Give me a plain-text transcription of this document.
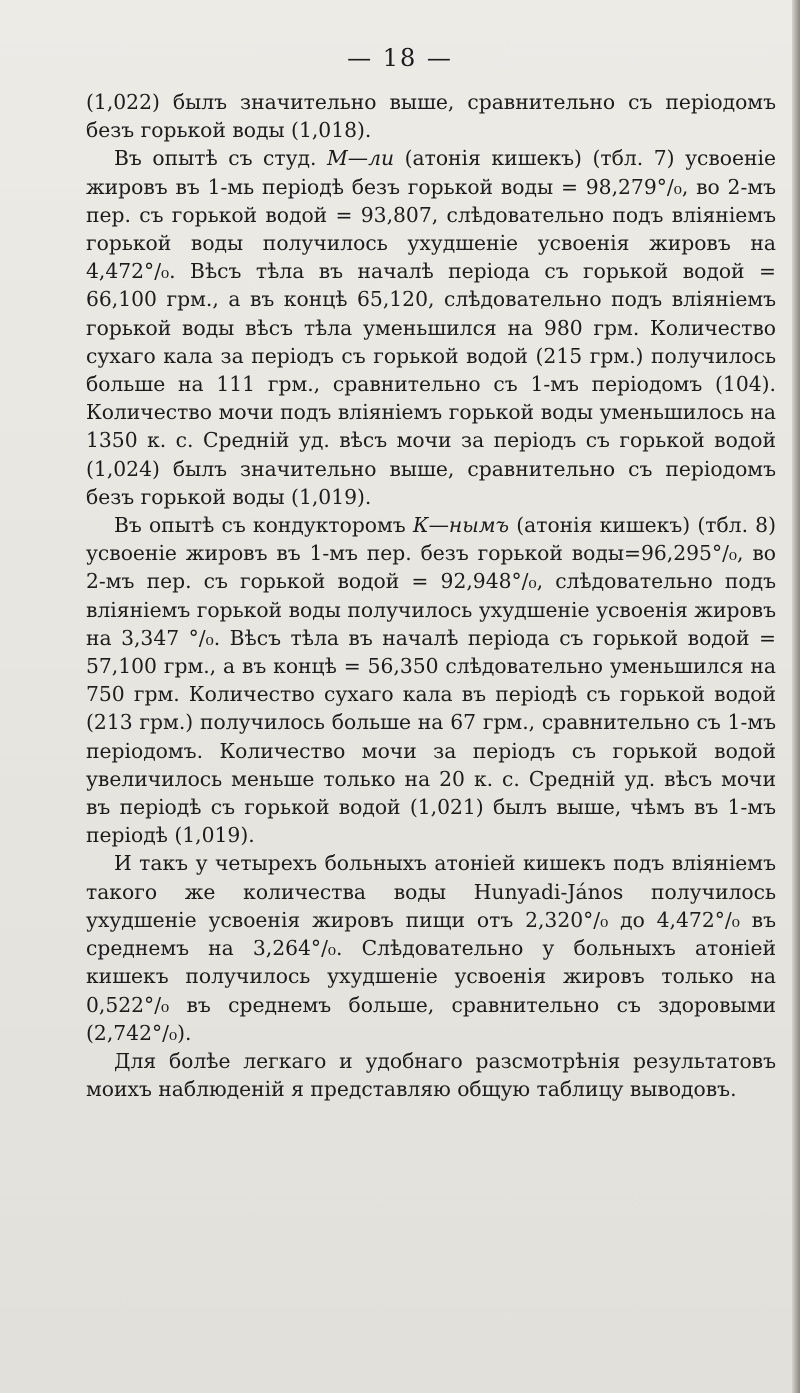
— 18 —

(1,022) былъ значительно выше, сравнительно съ періодомъ безъ горькой воды (1,018).

Въ опытѣ съ студ. М—ли (атонія кишекъ) (тбл. 7) усвоеніе жировъ въ 1-мь періодѣ безъ горькой воды = 98,279°/₀, во 2-мъ пер. съ горькой водой = 93,807, слѣдовательно подъ вліяніемъ горькой воды получилось ухудшеніе усвоенія жировъ на 4,472°/₀. Вѣсъ тѣла въ началѣ періода съ горькой водой = 66,100 грм., а въ концѣ 65,120, слѣдовательно подъ вліяніемъ горькой воды вѣсъ тѣла уменьшился на 980 грм. Количество сухаго кала за періодъ съ горькой водой (215 грм.) получилось больше на 111 грм., сравнительно съ 1-мъ періодомъ (104). Количество мочи подъ вліяніемъ горькой воды уменьшилось на 1350 к. с. Средній уд. вѣсъ мочи за періодъ съ горькой водой (1,024) былъ значительно выше, сравнительно съ періодомъ безъ горькой воды (1,019).

Въ опытѣ съ кондукторомъ К—нымъ (атонія кишекъ) (тбл. 8) усвоеніе жировъ въ 1-мъ пер. безъ горькой воды=96,295°/₀, во 2-мъ пер. съ горькой водой = 92,948°/₀, слѣдовательно подъ вліяніемъ горькой воды получилось ухудшеніе усвоенія жировъ на 3,347 °/₀. Вѣсъ тѣла въ началѣ періода съ горькой водой = 57,100 грм., а въ концѣ = 56,350 слѣдовательно уменьшился на 750 грм. Количество сухаго кала въ періодѣ съ горькой водой (213 грм.) получилось больше на 67 грм., сравнительно съ 1-мъ періодомъ. Количество мочи за періодъ съ горькой водой увеличилось меньше только на 20 к. с. Средній уд. вѣсъ мочи въ періодѣ съ горькой водой (1,021) былъ выше, чѣмъ въ 1-мъ періодѣ (1,019).

И такъ у четырехъ больныхъ атоніей кишекъ подъ вліяніемъ такого же количества воды Hunyadi-János получилось ухудшеніе усвоенія жировъ пищи отъ 2,320°/₀ до 4,472°/₀ въ среднемъ на 3,264°/₀. Слѣдовательно у больныхъ атоніей кишекъ получилось ухудшеніе усвоенія жировъ только на 0,522°/₀ въ среднемъ больше, сравнительно съ здоровыми (2,742°/₀).

Для болѣе легкаго и удобнаго разсмотрѣнія результатовъ моихъ наблюденій я представляю общую таблицу выводовъ.
